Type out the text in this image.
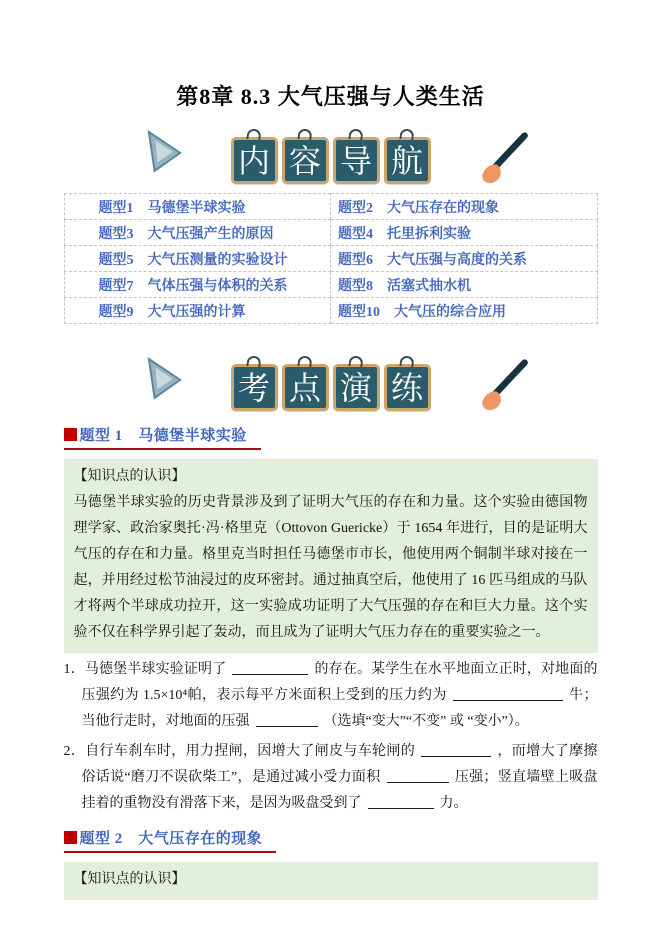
第8章 8.3 大气压强与人类生活
内 容 导 航
题型1 马德堡半球实验	题型2 大气压存在的现象
题型3 大气压强产生的原因	题型4 托里拆利实验
题型5 大气压测量的实验设计	题型6 大气压强与高度的关系
题型7 气体压强与体积的关系	题型8 活塞式抽水机
题型9 大气压强的计算	题型10 大气压的综合应用
考 点 演 练
题型 1　马德堡半球实验
【知识点的认识】
马德堡半球实验的历史背景涉及到了证明大气压的存在和力量。这个实验由德国物理学家、政治家奥托·冯·格里克（Ottovon Guericke）于 1654 年进行，目的是证明大气压的存在和力量。格里克当时担任马德堡市市长，他使用两个铜制半球对接在一起，并用经过松节油浸过的皮环密封。通过抽真空后，他使用了 16 匹马组成的马队才将两个半球成功拉开，这一实验成功证明了大气压强的存在和巨大力量。这个实验不仅在科学界引起了轰动，而且成为了证明大气压力存在的重要实验之一。

1．马德堡半球实验证明了	的存在。某学生在水平地面立正时，对地面的压强约为 1.5×10⁴帕，表示每平方米面积上受到的压力约为	牛；当他行走时，对地面的压强	（选填“变大”“不变” 或 “变小”）。

2．自行车刹车时，用力捏闸，因增大了闸皮与车轮闸的	，而增大了摩擦 俗话说“磨刀不误砍柴工”，是通过减小受力面积	压强；竖直墙壁上吸盘挂着的重物没有滑落下来，是因为吸盘受到了	力。

题型 2　大气压存在的现象
【知识点的认识】
